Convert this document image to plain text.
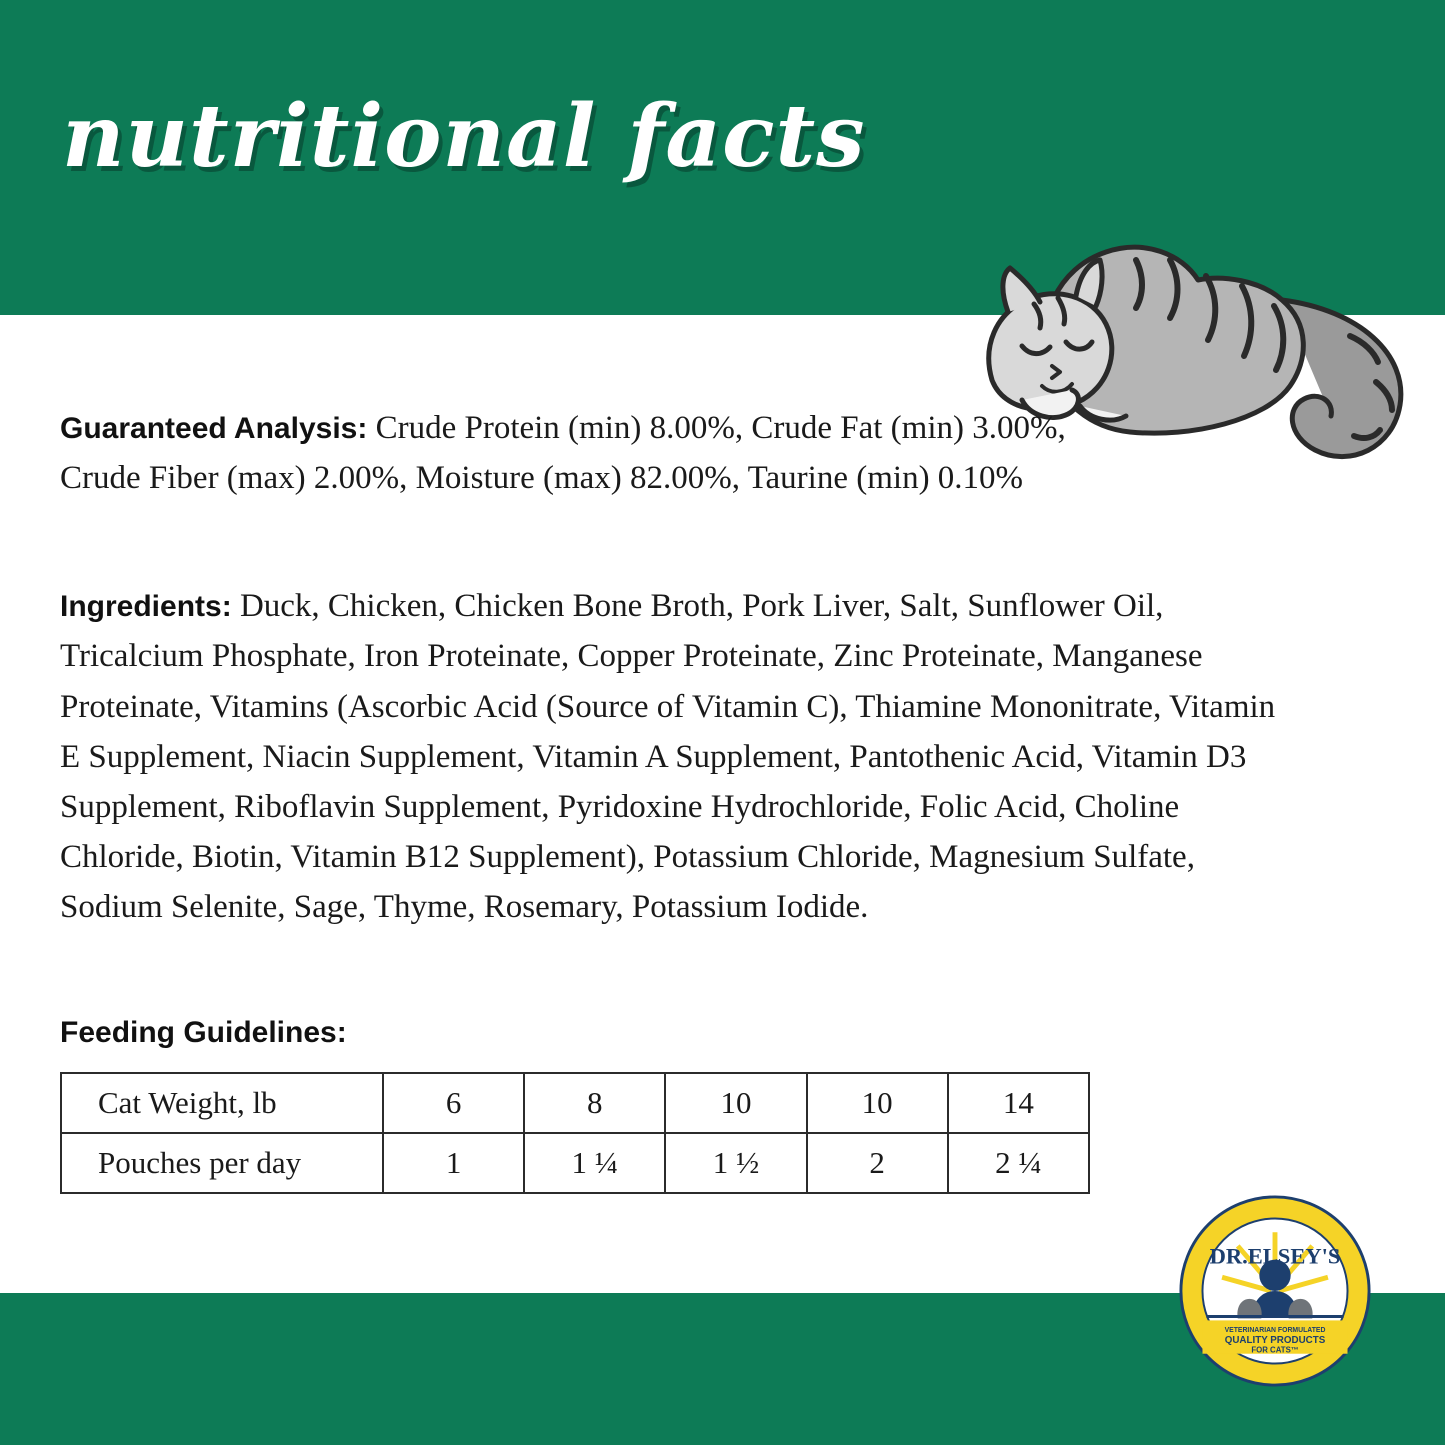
nutritional facts
Guaranteed Analysis: Crude Protein (min) 8.00%, Crude Fat (min) 3.00%, Crude Fiber (max) 2.00%, Moisture (max) 82.00%, Taurine (min) 0.10%
Ingredients: Duck, Chicken, Chicken Bone Broth, Pork Liver, Salt, Sunflower Oil, Tricalcium Phosphate, Iron Proteinate, Copper Proteinate, Zinc Proteinate, Manganese Proteinate, Vitamins (Ascorbic Acid (Source of Vitamin C), Thiamine Mononitrate, Vitamin E Supplement, Niacin Supplement, Vitamin A Supplement, Pantothenic Acid, Vitamin D3 Supplement, Riboflavin Supplement, Pyridoxine Hydrochloride, Folic Acid, Choline Chloride, Biotin, Vitamin B12 Supplement), Potassium Chloride, Magnesium Sulfate, Sodium Selenite, Sage, Thyme, Rosemary, Potassium Iodide.
Feeding Guidelines:
Cat Weight, lb	6	8	10	10	14
Pouches per day	1	1 ¼	1 ½	2	2 ¼
DR.ELSEY'S
VETERINARIAN FORMULATED
QUALITY PRODUCTS
FOR CATS™
